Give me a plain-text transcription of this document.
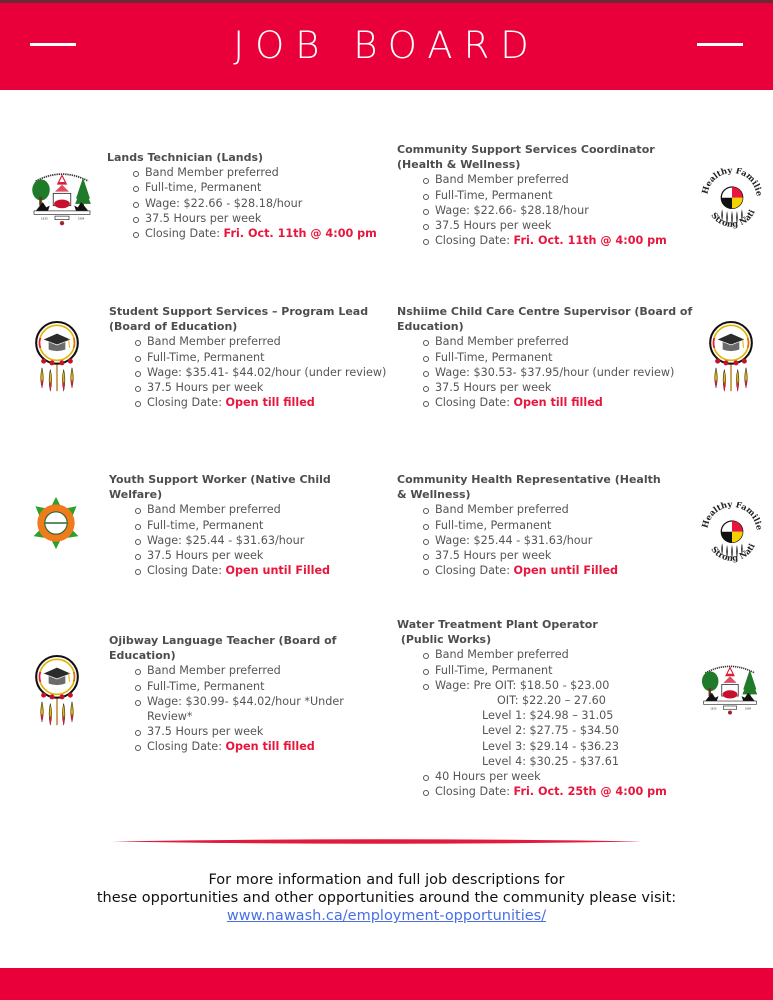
JOB BOARD
Lands Technician (Lands)
Band Member preferred
Full-time, Permanent
Wage: $22.66 - $28.18/hour
37.5 Hours per week
Closing Date: Fri. Oct. 11th @ 4:00 pm
Community Support Services Coordinator (Health & Wellness)
Band Member preferred
Full-Time, Permanent
Wage: $22.66- $28.18/hour
37.5 Hours per week
Closing Date: Fri. Oct. 11th @ 4:00 pm
Healthy Familie
Strong Nati
Student Support Services – Program Lead (Board of Education)
Band Member preferred
Full-Time, Permanent
Wage: $35.41- $44.02/hour (under review)
37.5 Hours per week
Closing Date: Open till filled
Nshiime Child Care Centre Supervisor (Board of Education)
Band Member preferred
Full-Time, Permanent
Wage: $30.53- $37.95/hour (under review)
37.5 Hours per week
Closing Date: Open till filled
Youth Support Worker (Native Child Welfare)
Band Member preferred
Full-time, Permanent
Wage: $25.44 - $31.63/hour
37.5 Hours per week
Closing Date: Open until Filled
Community Health Representative (Health & Wellness)
Band Member preferred
Full-time, Permanent
Wage: $25.44 - $31.63/hour
37.5 Hours per week
Closing Date: Open until Filled
Healthy Familie
Strong Nati
Ojibway Language Teacher (Board of Education)
Band Member preferred
Full-Time, Permanent
Wage: $30.99- $44.02/hour *Under
Review*
37.5 Hours per week
Closing Date: Open till filled
Water Treatment Plant Operator
(Public Works)
Band Member preferred
Full-Time, Permanent
Wage: Pre OIT: $18.50 - $23.00
OIT: $22.20 – 27.60
Level 1: $24.98 – 31.05
Level 2: $27.75 - $34.50
Level 3: $29.14 - $36.23
Level 4: $30.25 - $37.61
40 Hours per week
Closing Date: Fri. Oct. 25th @ 4:00 pm
For more information and full job descriptions for
these opportunities and other opportunities around the community please visit:
www.nawash.ca/employment-opportunities/
